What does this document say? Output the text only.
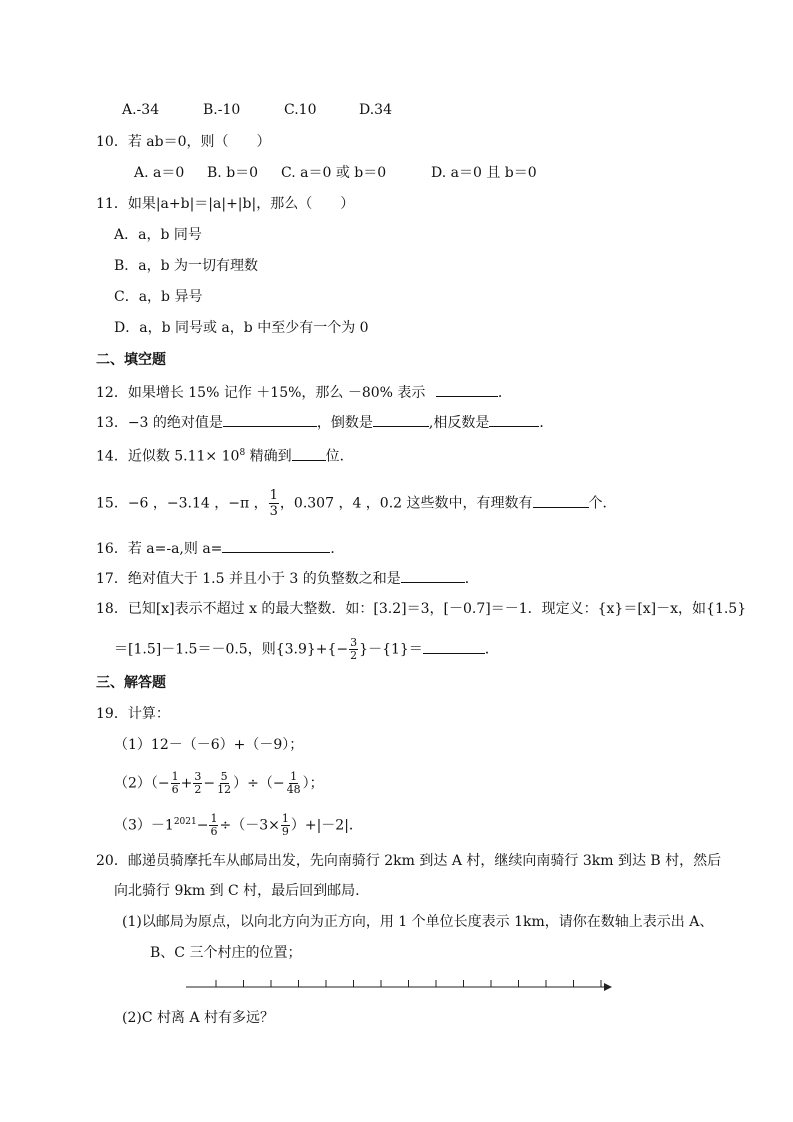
A.-34	B.-10	C.10	D.34
10．若 ab＝0，则（　　）
A. a＝0 B. b＝0 C. a＝0 或 b＝0	D. a＝0 且 b＝0
11．如果|a+b|＝|a|+|b|，那么（　　）
A．a，b 同号
B．a，b 为一切有理数
C．a，b 异号
D．a，b 同号或 a，b 中至少有一个为 0
二、填空题
12．如果增长 15% 记作 ＋15%，那么 －80% 表示	．
13．−3 的绝对值是	，倒数是	,相反数是	．
14．近似数 $5.11\times 10^8$ 精确到 位．
15．−6 ，−3.14 ，−π ， $\frac{1}{3}$ ，0.307 ，4 ，0.2 这些数中，有理数有	个．
16．若 a=-a,则 a=	．
17．绝对值大于 1.5 并且小于 3 的负整数之和是	．
18．已知[x]表示不超过 x 的最大整数．如：[3.2]＝3，[－0.7]＝－1．现定义：{x}＝[x]－x，如{1.5}
＝[1.5]－1.5＝－0.5，则$\{3.9\}+\{- \frac{3}{2} \}-\{1\}=$	．
三、解答题
19．计算：
（1）12－（－6）+（－9）；
$(2)(- \frac{1}{6} + \frac{3}{2} - \frac{5}{12}$ ）÷（− $\frac{1}{48}$ ）；
$(3)-1^{2021}- \frac{1}{6} \div(-3\times \frac{1}{9} )+|-2|$．
20．邮递员骑摩托车从邮局出发，先向南骑行 2km 到达 A 村，继续向南骑行 3km 到达 B 村，然后
向北骑行 9km 到 C 村，最后回到邮局.
(1)以邮局为原点，以向北方向为正方向，用 1 个单位长度表示 1km，请你在数轴上表示出 A、
B、C 三个村庄的位置；
(2)C 村离 A 村有多远？
